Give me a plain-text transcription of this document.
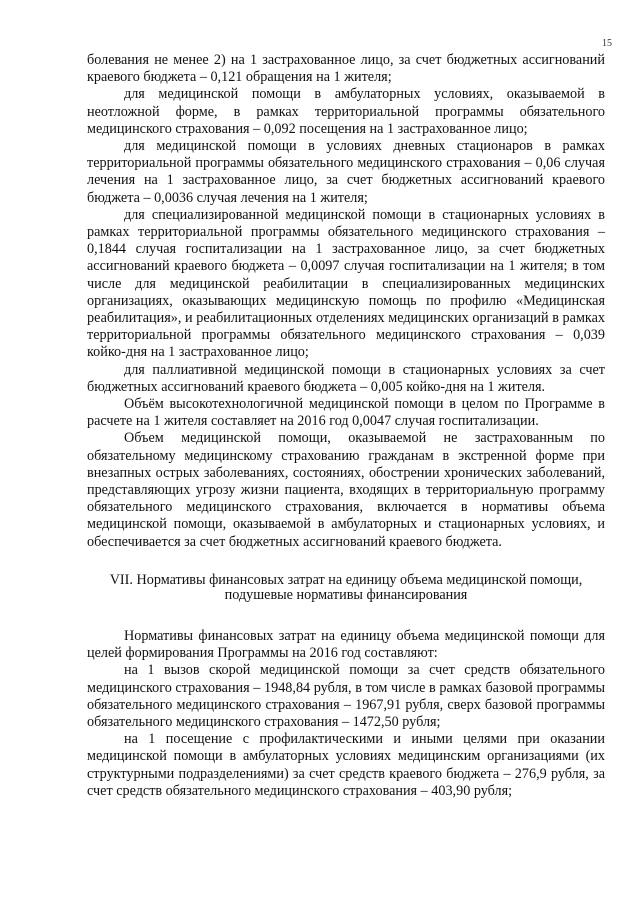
15

болевания не менее 2) на 1 застрахованное лицо, за счет бюджетных ассигнований краевого бюджета – 0,121 обращения на 1 жителя;

для медицинской помощи в амбулаторных условиях, оказываемой в неотложной форме, в рамках территориальной программы обязательного медицинского страхования – 0,092 посещения на 1 застрахованное лицо;

для медицинской помощи в условиях дневных стационаров в рамках территориальной программы обязательного медицинского страхования – 0,06 случая лечения на 1 застрахованное лицо, за счет бюджетных ассигнований краевого бюджета – 0,0036 случая лечения на 1 жителя;

для специализированной медицинской помощи в стационарных условиях в рамках территориальной программы обязательного медицинского страхования – 0,1844 случая госпитализации на 1 застрахованное лицо, за счет бюджетных ассигнований краевого бюджета – 0,0097 случая госпитализации на 1 жителя; в том числе для медицинской реабилитации в специализированных медицинских организациях, оказывающих медицинскую помощь по профилю «Медицинская реабилитация», и реабилитационных отделениях медицинских организаций в рамках территориальной программы обязательного медицинского страхования – 0,039 койко-дня на 1 застрахованное лицо;

для паллиативной медицинской помощи в стационарных условиях за счет бюджетных ассигнований краевого бюджета – 0,005 койко-дня на 1 жителя.

Объём высокотехнологичной медицинской помощи в целом по Программе в расчете на 1 жителя составляет на 2016 год 0,0047 случая госпитализации.

Объем медицинской помощи, оказываемой не застрахованным по обязательному медицинскому страхованию гражданам в экстренной форме при внезапных острых заболеваниях, состояниях, обострении хронических заболеваний, представляющих угрозу жизни пациента, входящих в территориальную программу обязательного медицинского страхования, включается в нормативы объема медицинской помощи, оказываемой в амбулаторных и стационарных условиях, и обеспечивается за счет бюджетных ассигнований краевого бюджета.

VII. Нормативы финансовых затрат на единицу объема медицинской помощи,
подушевые нормативы финансирования

Нормативы финансовых затрат на единицу объема медицинской помощи для целей формирования Программы на 2016 год составляют:

на 1 вызов скорой медицинской помощи за счет средств обязательного медицинского страхования – 1948,84 рубля, в том числе в рамках базовой программы обязательного медицинского страхования – 1967,91 рубля, сверх базовой программы обязательного медицинского страхования – 1472,50 рубля;

на 1 посещение с профилактическими и иными целями при оказании медицинской помощи в амбулаторных условиях медицинским организациями (их структурными подразделениями) за счет средств краевого бюджета – 276,9 рубля, за счет средств обязательного медицинского страхования – 403,90 рубля;
